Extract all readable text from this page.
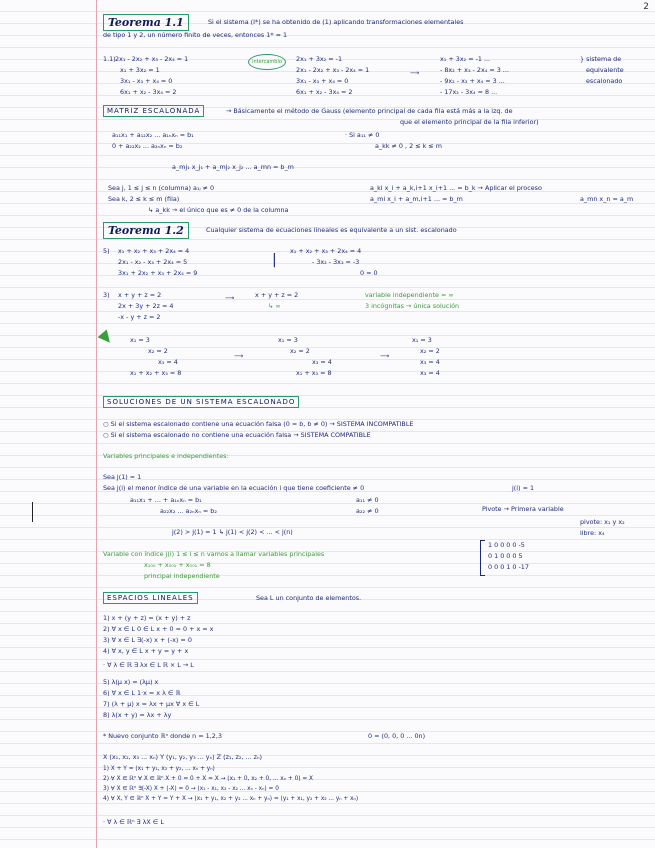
2
Teorema 1.1	Si el sistema (I*) se ha obtenido de (1) aplicando transformaciones elementales
de tipo 1 y 2, un número finito de veces, entonces 1* ≈ 1
1.1) 2x₁ - 2x₂ + x₃ - 2x₄ = 1
x₁ + 3x₂ = 1
3x₁ - x₃ + x₄ = 0
6x₁ + x₂ - 3x₄ = 2
intercambio	2x₁ + 3x₂ = -1
2x₁ - 2x₂ + x₃ - 2x₄ = 1
3x₁ - x₃ + x₄ = 0
6x₁ + x₂ - 3x₄ = 2
⟶
x₁ + 3x₂ = -1 ...
- 8x₂ + x₃ - 2x₄ = 3 ...
- 9x₂ - x₃ + x₄ = 3 ...
- 17x₂ - 3x₄ = 8 ...
} sistema de
equivalente
escalonado
MATRIZ ESCALONADA	→ Básicamente el método de Gauss (elemento principal de cada fila está más a la izq. de
que el elemento principal de la fila inferior)
a₁₁x₁ + a₁₂x₂ ... a₁ₙxₙ = b₁
0 + a₂₂x₂ ... a₂ₙxₙ = b₂
a_mj₁ x_j₁ + a_mj₂ x_j₂ ... a_mn = b_m
· Si a₁₁ ≠ 0
a_kk ≠ 0 , 2 ≤ k ≤ m
Sea j, 1 ≤ j ≤ n (columna) a₁ⱼ ≠ 0
Sea k, 2 ≤ k ≤ m (fila)
↳ a_kk → el único que es ≠ 0 de la columna
a_ki x_i + a_k,i+1 x_i+1 ... = b_k → Aplicar el proceso
a_mi x_i + a_m,i+1 ... = b_m	a_mn x_n = a_m
Teorema 1.2	Cualquier sistema de ecuaciones lineales es equivalente a un sist. escalonado
5) x₁ + x₂ + x₃ + 2x₄ = 4
2x₁ - x₂ - x₃ + 2x₄ = 5
3x₁ + 2x₂ + x₃ + 2x₄ = 9
|
x₁ + x₂ + x₃ + 2x₄ = 4
- 3x₂ - 3x₃ = -3
0 = 0
3) x + y + z = 2
2x + 3y + 2z = 4
-x - y + z = 2
⟶	x + y + z = 2
↳ ∞
variable independiente = ∞
3 incógnitas → única solución
x₁ = 3
x₂ = 2
x₃ = 4
x₁ + x₂ + x₃ = 8
⟶
x₁ = 3
x₂ = 2
x₃ = 4
x₁ + x₃ = 8
⟶
x₁ = 3
x₂ = 2
x₃ = 4
x₃ = 4
SOLUCIONES DE UN SISTEMA ESCALONADO
○ Si el sistema escalonado contiene una ecuación falsa (0 = b, b ≠ 0) → SISTEMA INCOMPATIBLE
○ Si el sistema escalonado no contiene una ecuación falsa → SISTEMA COMPATIBLE
Variables principales e independientes:
Sea j(1) = 1
Sea j(i) el menor índice de una variable en la ecuación i que tiene coeficiente ≠ 0	j(i) = 1
a₁₁x₁ + ... + a₁ₙxₙ = b₁
a₂₂x₂ ... a₂ₙxₙ = b₂
a₁₁ ≠ 0
a₂₂ ≠ 0
j(2) > j(1) = 1 ↳ j(1) < j(2) < ... < j(n)
Pivote → Primera variable
1 0 0 0 0 -5
0 1 0 0 0 5
0 0 0 1 0 -17
pivote: x₁ y x₂
libre: x₄
Variable con índice j(i) 1 ≤ i ≤ n vamos a llamar variables principales
x₁₀₀ + x₀₀₁ + x₀₀₁ = 8
principal independiente
ESPACIOS LINEALES	Sea L un conjunto de elementos.
1) x + (y + z) = (x + y) + z
2) ∀ x ∈ L 0 ∈ L x + 0 = 0 + x = x
3) ∀ x ∈ L ∃(-x) x + (-x) = 0
4) ∀ x, y ∈ L x + y = y + x
· ∀ λ ∈ ℝ ∃ λx ∈ L ℝ × L → L
5) λ(μ x) = (λμ) x
6) ∀ x ∈ L 1·x = x λ ∈ ℝ
7) (λ + μ) x = λx + μx ∀ x ∈ L
8) λ(x + y) = λx + λy
* Nuevo conjunto ℝⁿ donde n = 1,2,3	0 = (0, 0, 0 ... 0n)
X (x₁, x₂, x₃ ... xₙ) Y (y₁, y₂, y₃ ... yₙ) Z (z₁, z₂, ... zₙ)
1) X + Y = (x₁ + y₁, x₂ + y₂, ... xₙ + yₙ)
2) ∀ X ∈ ℝⁿ ∀ X ∈ ℝⁿ X + 0 = 0 + X = X → (x₁ + 0, x₂ + 0, ... xₙ + 0) = X
3) ∀ X ∈ ℝⁿ ∃(-X) X + (-X) = 0 → (x₁ - x₁, x₂ - x₂ ... xₙ - xₙ) = 0
4) ∀ X, Y ∈ ℝⁿ X + Y = Y + X → (x₁ + y₁, x₂ + y₂ ... xₙ + yₙ) = (y₁ + x₁, y₂ + x₂ ... yₙ + xₙ)
· ∀ λ ∈ ℝⁿ ∃ λX ∈ L
